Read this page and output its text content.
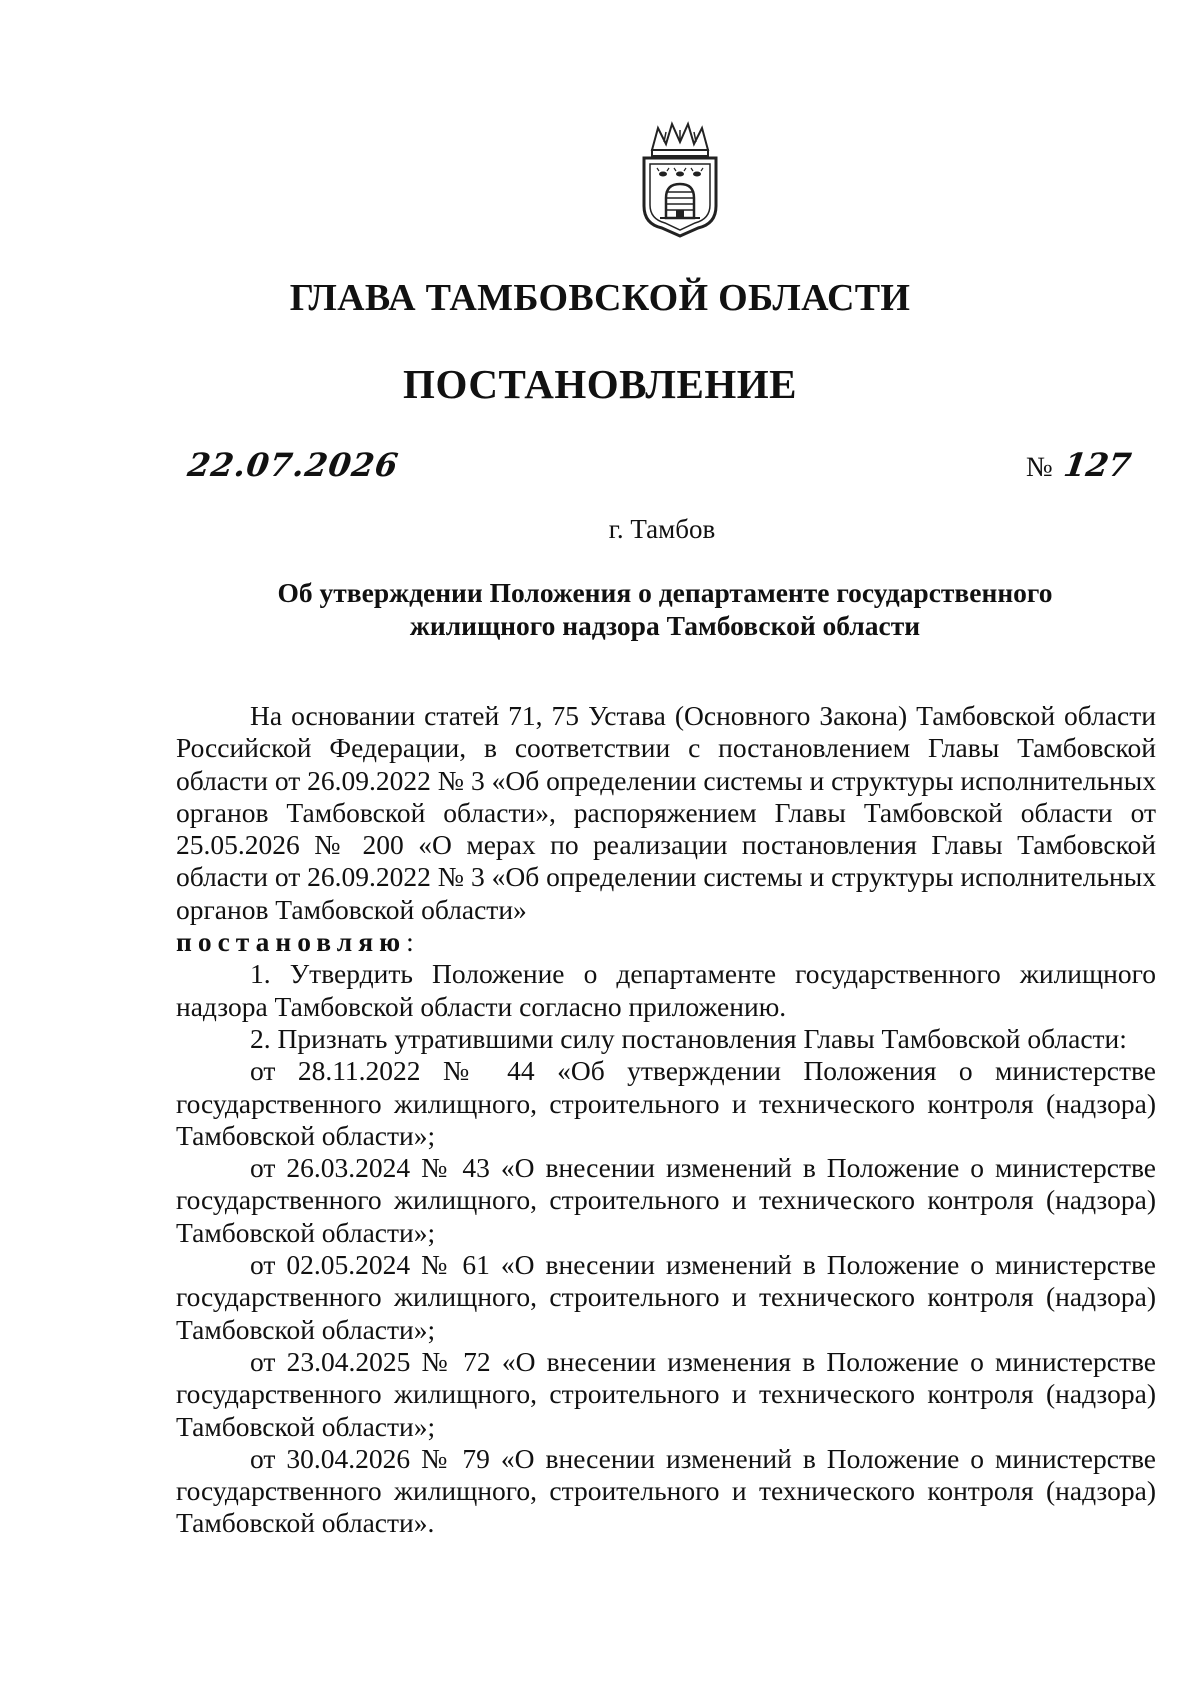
ГЛАВА ТАМБОВСКОЙ ОБЛАСТИ
ПОСТАНОВЛЕНИЕ
22.07.2026	№ 127
г. Тамбов
Об утверждении Положения о департаменте государственного
жилищного надзора Тамбовской области

На основании статей 71, 75 Устава (Основного Закона) Тамбовской области Российской Федерации, в соответствии с постановлением Главы Тамбовской области от 26.09.2022 № 3 «Об определении системы и структуры исполнительных органов Тамбовской области», распоряжением Главы Тамбовской области от 25.05.2026 № 200 «О мерах по реализации постановления Главы Тамбовской области от 26.09.2022 № 3 «Об определении системы и структуры исполнительных органов Тамбовской области»

постановляю:

1. Утвердить Положение о департаменте государственного жилищного надзора Тамбовской области согласно приложению.

2. Признать утратившими силу постановления Главы Тамбовской области:

от 28.11.2022 № 44 «Об утверждении Положения о министерстве государственного жилищного, строительного и технического контроля (надзора) Тамбовской области»;

от 26.03.2024 № 43 «О внесении изменений в Положение о министерстве государственного жилищного, строительного и технического контроля (надзора) Тамбовской области»;

от 02.05.2024 № 61 «О внесении изменений в Положение о министерстве государственного жилищного, строительного и технического контроля (надзора) Тамбовской области»;

от 23.04.2025 № 72 «О внесении изменения в Положение о министерстве государственного жилищного, строительного и технического контроля (надзора) Тамбовской области»;

от 30.04.2026 № 79 «О внесении изменений в Положение о министерстве государственного жилищного, строительного и технического контроля (надзора) Тамбовской области».
